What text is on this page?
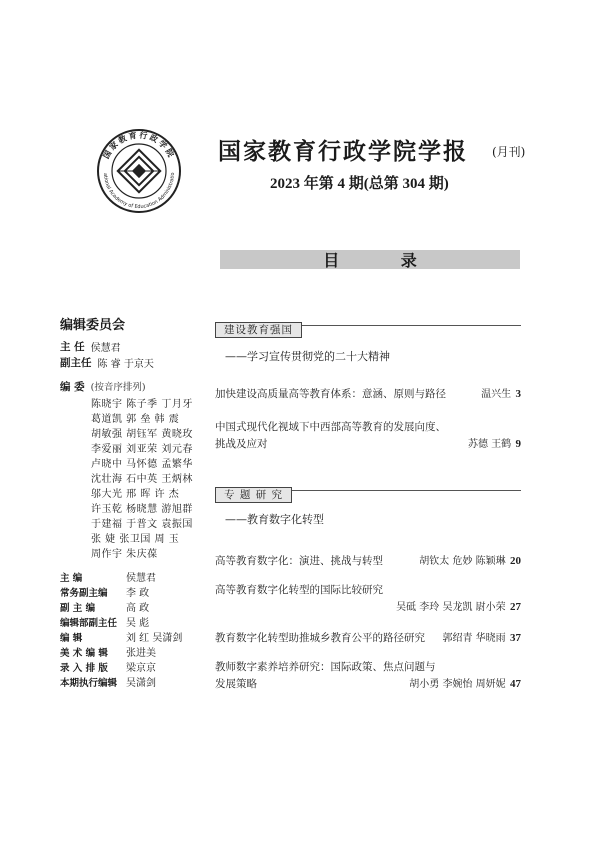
国家教育行政学院
ational Academy of Education Administratio
国家教育行政学院学报 (月刊)
2023 年第 4 期(总第 304 期)
目 录
编辑委员会
主 任 侯慧君
副主任 陈 睿 于京天
编 委 (按音序排列)
陈晓宇 陈子季 丁月牙
葛道凯 郭 垒 韩 震
胡敏强 胡钰军 黄晓玫
李爱丽 刘亚荣 刘元春
卢晓中 马怀德 孟繁华
沈壮海 石中英 王炳林
邬大光 邢 晖 许 杰
许玉乾 杨晓慧 游旭群
于建福 于普文 袁振国
张 婕 张卫国 周 玉
周作宇 朱庆葆
主 编	侯慧君
常务副主编	李 政
副 主 编	高 政
编辑部副主任 吴 彪
编 辑	刘 红 吴潇剑
美 术 编 辑	张进美
录 入 排 版	梁京京
本期执行编辑 吴潇剑
建设教育强国
——学习宣传贯彻党的二十大精神
加快建设高质量高等教育体系：意涵、原则与路径	温兴生 3
中国式现代化视域下中西部高等教育的发展向度、
挑战及应对	苏德 王鹤 9
专 题 研 究
——教育数字化转型
高等教育数字化：演进、挑战与转型	胡钦太 危妙 陈颖琳 20
高等教育数字化转型的国际比较研究
吴砥 李玲 吴龙凯 尉小荣 27
教育数字化转型助推城乡教育公平的路径研究 郭绍青 华晓雨 37
教师数字素养培养研究：国际政策、焦点问题与
发展策略	胡小勇 李婉怡 周妍妮 47
